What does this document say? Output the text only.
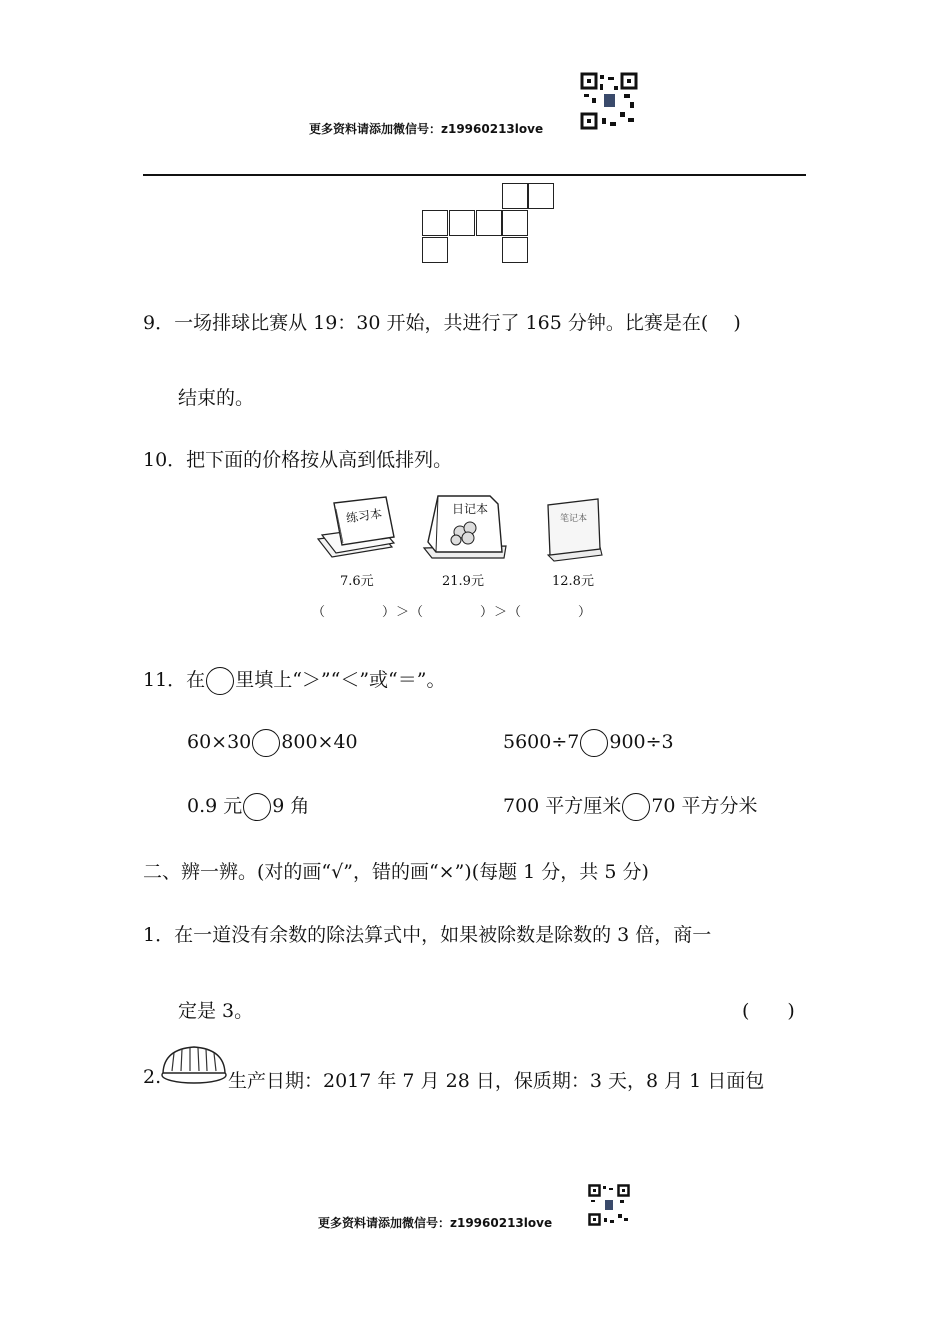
更多资料请添加微信号：z19960213love
9．一场排球比赛从 19：30 开始，共进行了 165 分钟。比赛是在(　 )
结束的。
10．把下面的价格按从高到低排列。
练习本
7.6元
日记本
21.9元
笔记本
12.8元
（　　　　）＞（　　　　）＞（　　　　）
11．在 里填上“＞”“＜”或“＝”。
60×30 800×40	5600÷7 900÷3
0.9 元 9 角	700 平方厘米 70 平方分米
二、辨一辨。(对的画“√”，错的画“×”)(每题 1 分，共 5 分)
1．在一道没有余数的除法算式中，如果被除数是除数的 3 倍，商一
定是 3。	(　　)
2.	生产日期：2017 年 7 月 28 日，保质期：3 天，8 月 1 日面包
更多资料请添加微信号：z19960213love
